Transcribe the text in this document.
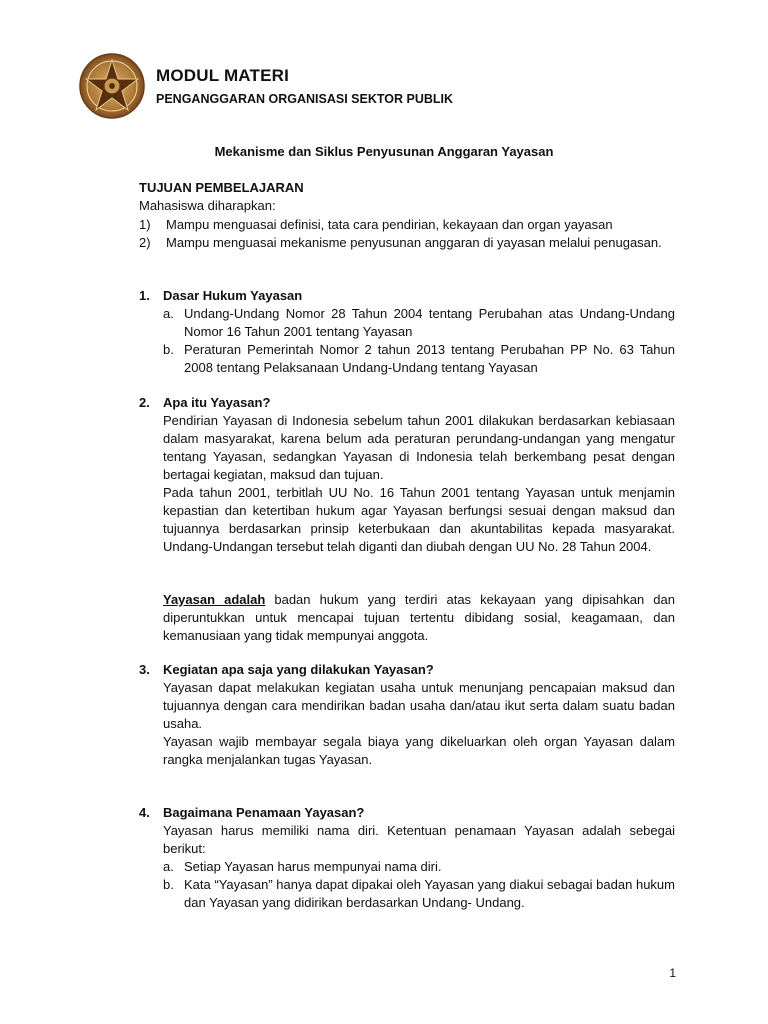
MODUL MATERI
PENGANGGARAN ORGANISASI SEKTOR PUBLIK
Mekanisme dan Siklus Penyusunan Anggaran Yayasan
TUJUAN PEMBELAJARAN
Mahasiswa diharapkan:
1)	Mampu menguasai definisi, tata cara pendirian, kekayaan dan organ yayasan
2)	Mampu menguasai mekanisme penyusunan anggaran di yayasan melalui penugasan.
1.	Dasar Hukum Yayasan
a. Undang-Undang Nomor 28 Tahun 2004 tentang Perubahan atas Undang-Undang Nomor 16 Tahun 2001 tentang Yayasan
b. Peraturan Pemerintah Nomor 2 tahun 2013 tentang Perubahan PP No. 63 Tahun 2008 tentang Pelaksanaan Undang-Undang tentang Yayasan
2.	Apa itu Yayasan?

Pendirian Yayasan di Indonesia sebelum tahun 2001 dilakukan berdasarkan kebiasaan dalam masyarakat, karena belum ada peraturan perundang-undangan yang mengatur tentang Yayasan, sedangkan Yayasan di Indonesia telah berkembang pesat dengan bertagai kegiatan, maksud dan tujuan.

Pada tahun 2001, terbitlah UU No. 16 Tahun 2001 tentang Yayasan untuk menjamin kepastian dan ketertiban hukum agar Yayasan berfungsi sesuai dengan maksud dan tujuannya berdasarkan prinsip keterbukaan dan akuntabilitas kepada masyarakat. Undang-Undangan tersebut telah diganti dan diubah dengan UU No. 28 Tahun 2004.

Yayasan adalah badan hukum yang terdiri atas kekayaan yang dipisahkan dan diperuntukkan untuk mencapai tujuan tertentu dibidang sosial, keagamaan, dan kemanusiaan yang tidak mempunyai anggota.

3.	Kegiatan apa saja yang dilakukan Yayasan?

Yayasan dapat melakukan kegiatan usaha untuk menunjang pencapaian maksud dan tujuannya dengan cara mendirikan badan usaha dan/atau ikut serta dalam suatu badan usaha.

Yayasan wajib membayar segala biaya yang dikeluarkan oleh organ Yayasan dalam rangka menjalankan tugas Yayasan.

4.	Bagaimana Penamaan Yayasan?

Yayasan harus memiliki nama diri. Ketentuan penamaan Yayasan adalah sebegai berikut:

a. Setiap Yayasan harus mempunyai nama diri.
b. Kata “Yayasan” hanya dapat dipakai oleh Yayasan yang diakui sebagai badan hukum dan Yayasan yang didirikan berdasarkan Undang- Undang.
1
